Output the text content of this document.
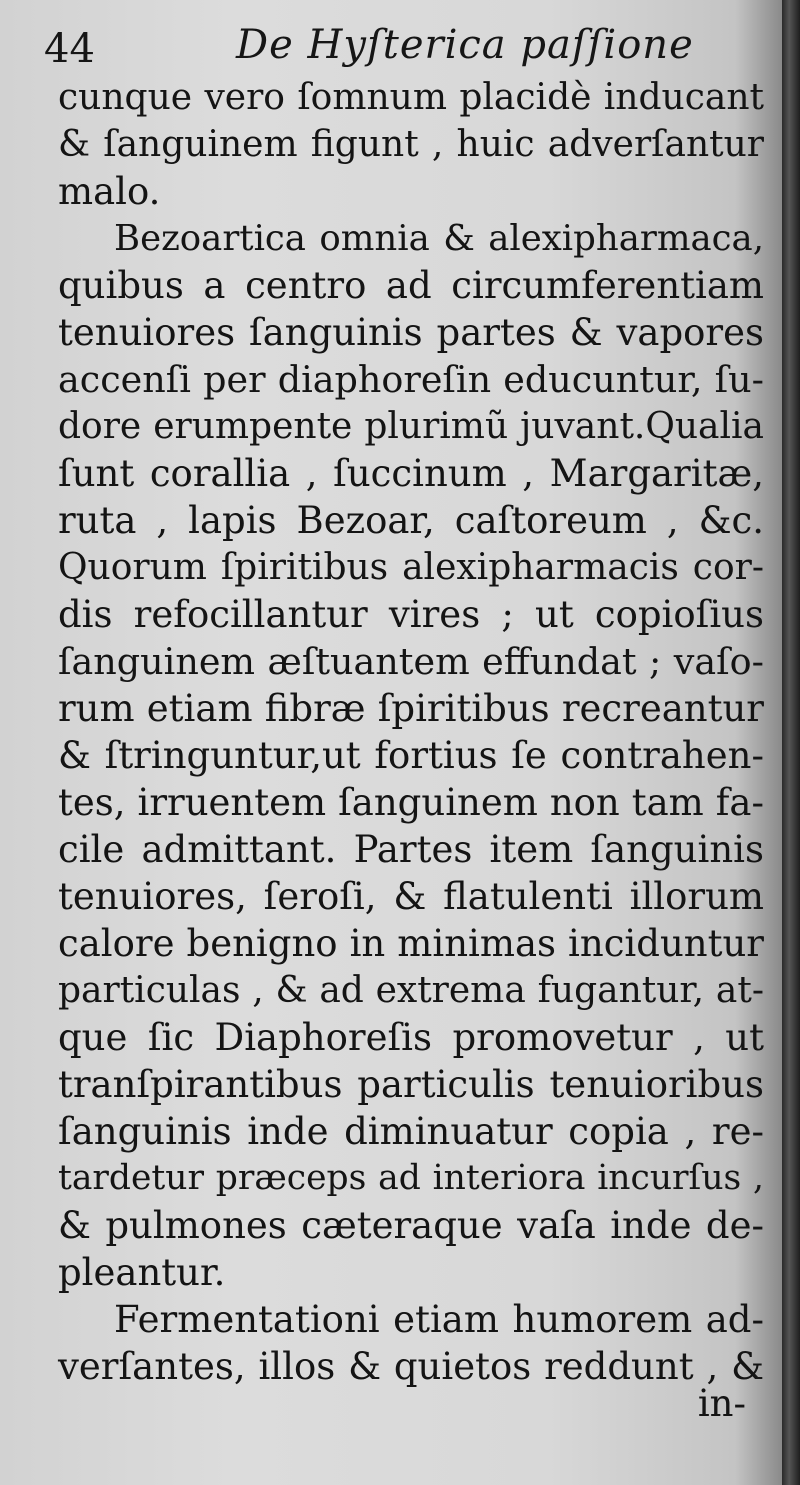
44	De Hyſterica paſſione
cunque vero ſomnum placidè inducant
& ſanguinem figunt , huic adverſantur
malo.
Bezoartica omnia & alexipharmaca,
quibus a centro ad circumferentiam
tenuiores ſanguinis partes & vapores
accenſi per diaphoreſin educuntur, ſu-
dore erumpente plurimũ juvant.Qualia
ſunt corallia , ſuccinum , Margaritæ,
ruta , lapis Bezoar, caſtoreum , &c.
Quorum ſpiritibus alexipharmacis cor-
dis refocillantur vires ; ut copioſius
ſanguinem æſtuantem effundat ; vaſo-
rum etiam fibræ ſpiritibus recreantur
& ſtringuntur,ut fortius ſe contrahen-
tes, irruentem ſanguinem non tam fa-
cile admittant. Partes item ſanguinis
tenuiores, ſeroſi, & flatulenti illorum
calore benigno in minimas inciduntur
particulas , & ad extrema fugantur, at-
que ſic Diaphoreſis promovetur , ut
tranſpirantibus particulis tenuioribus
ſanguinis inde diminuatur copia , re-
tardetur præceps ad interiora incurſus ,
& pulmones cæteraque vaſa inde de-
pleantur.
Fermentationi etiam humorem ad-
verſantes, illos & quietos reddunt , &
in-
